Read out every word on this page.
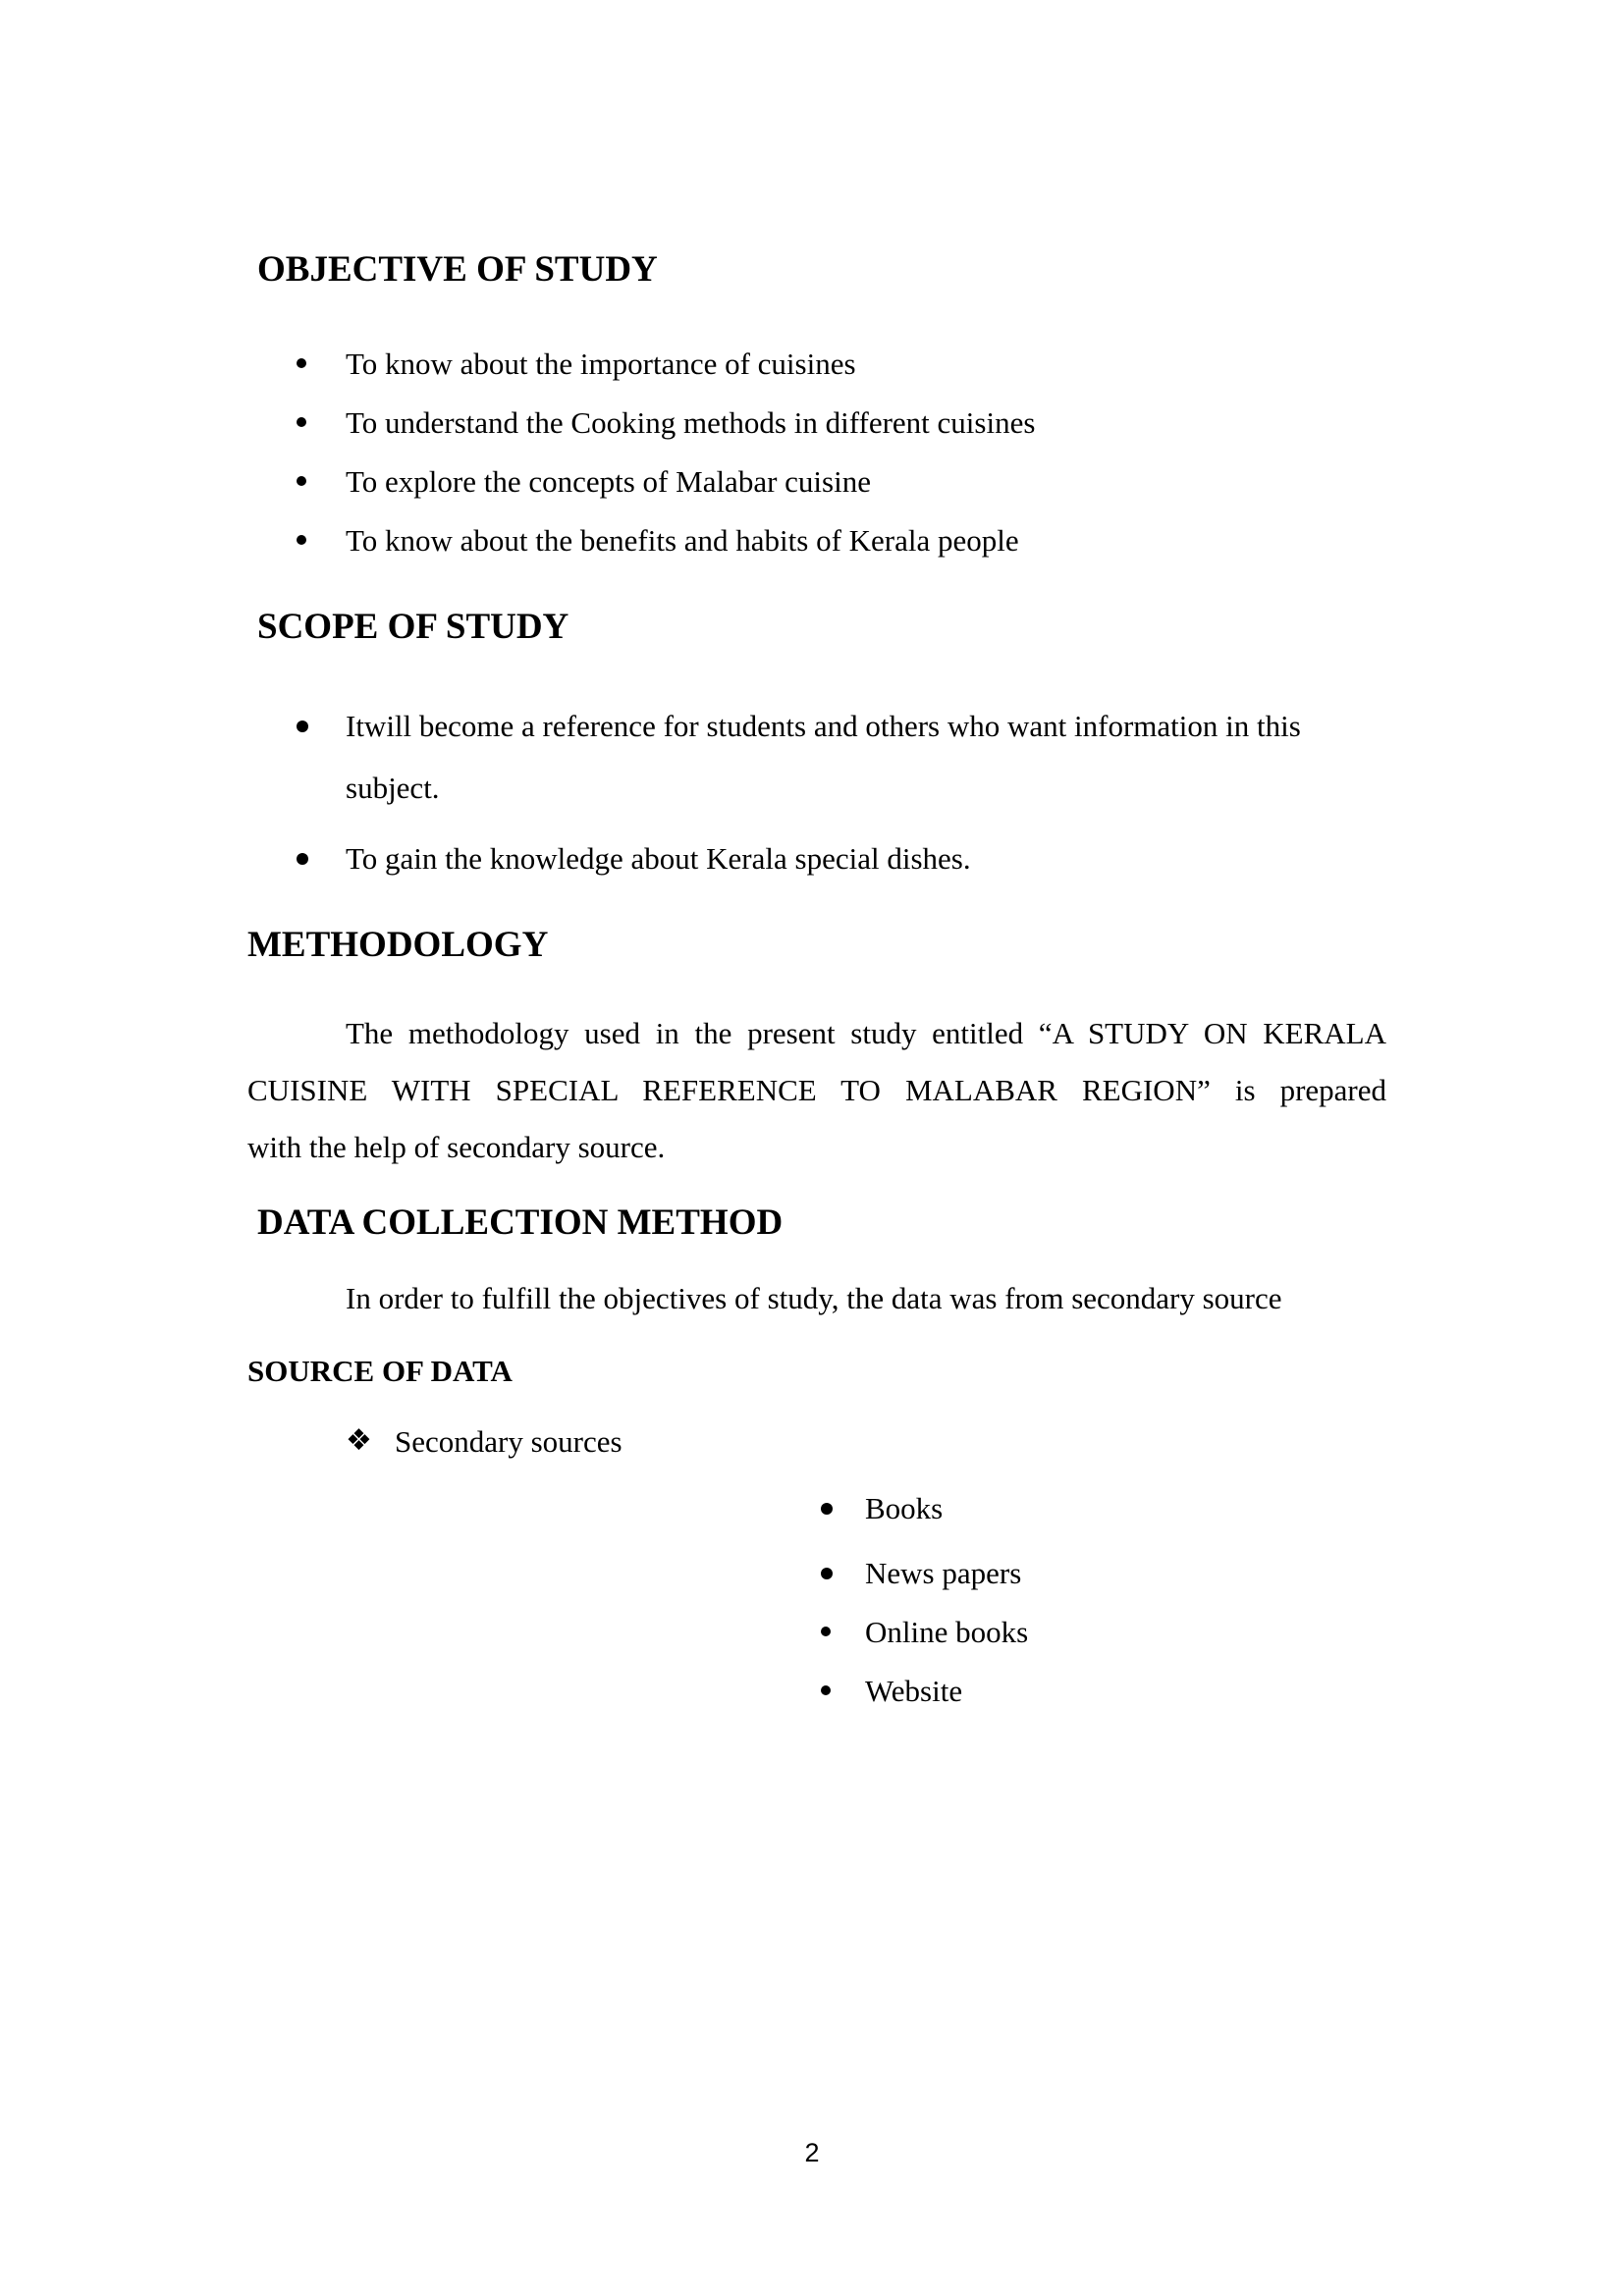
OBJECTIVE OF STUDY
To know about the importance of cuisines
To understand the Cooking methods in different cuisines
To explore the concepts of Malabar cuisine
To know about the benefits and habits of Kerala people
SCOPE OF STUDY
Itwill become a reference for students and others who want information in this
subject.
To gain the knowledge about Kerala special dishes.
METHODOLOGY

The methodology used in the present study entitled “A STUDY ON KERALA
CUISINE WITH SPECIAL REFERENCE TO MALABAR REGION” is prepared
with the help of secondary source.

DATA COLLECTION METHOD

In order to fulfill the objectives of study, the data was from secondary source

SOURCE OF DATA
❖ Secondary sources
Books
News papers
Online books
Website
2
